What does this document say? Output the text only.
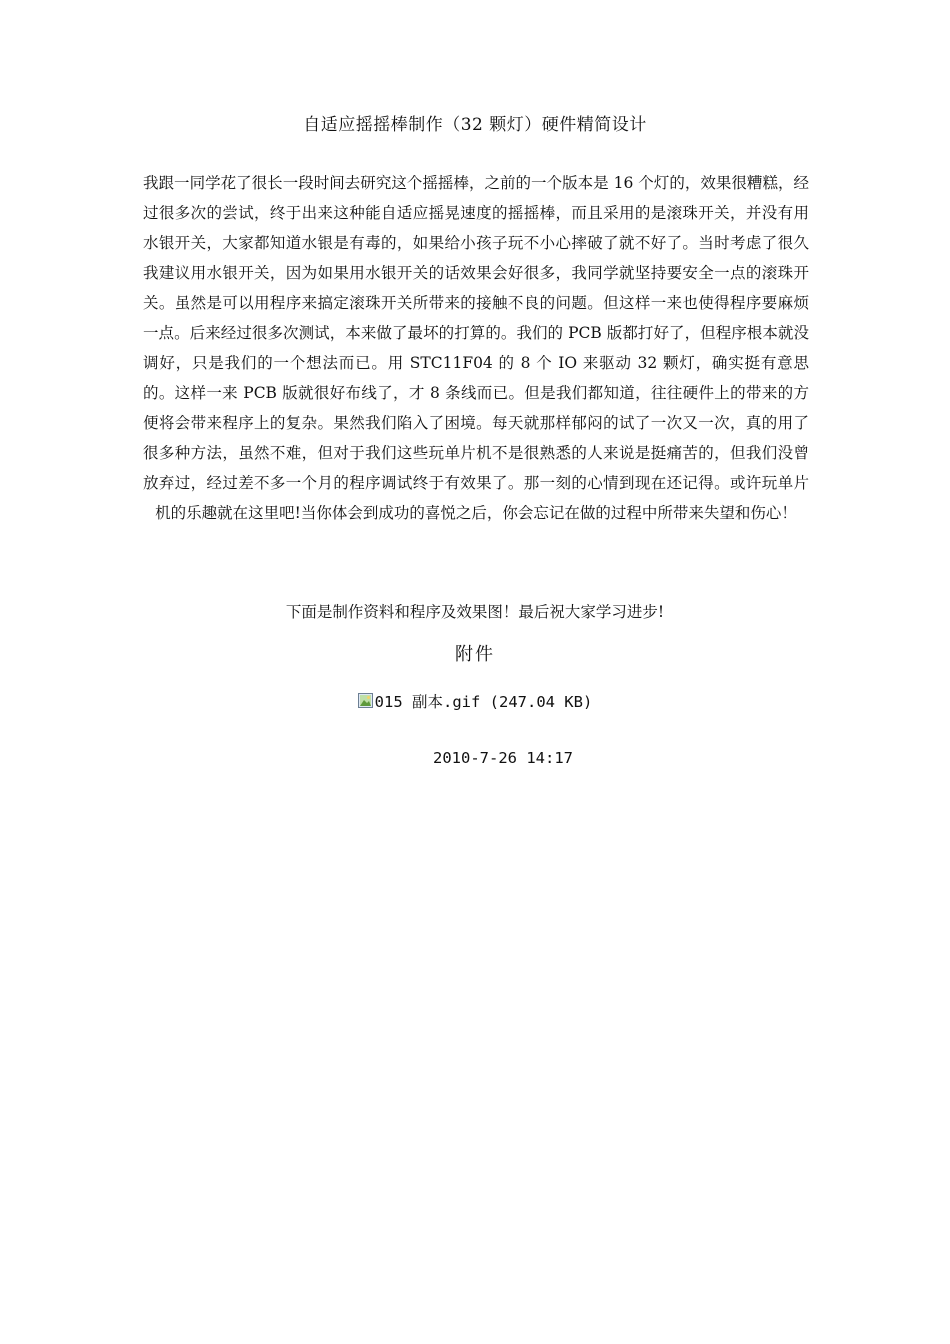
自适应摇摇棒制作（32 颗灯）硬件精简设计

我跟一同学花了很长一段时间去研究这个摇摇棒，之前的一个版本是 16 个灯的，效果很糟糕，经过很多次的尝试，终于出来这种能自适应摇晃速度的摇摇棒，而且采用的是滚珠开关，并没有用水银开关，大家都知道水银是有毒的，如果给小孩子玩不小心摔破了就不好了。当时考虑了很久我建议用水银开关，因为如果用水银开关的话效果会好很多，我同学就坚持要安全一点的滚珠开关。虽然是可以用程序来搞定滚珠开关所带来的接触不良的问题。但这样一来也使得程序要麻烦一点。后来经过很多次测试，本来做了最坏的打算的。我们的 PCB 版都打好了，但程序根本就没调好，只是我们的一个想法而已。用 STC11F04 的 8 个 IO 来驱动 32 颗灯，确实挺有意思的。这样一来 PCB 版就很好布线了，才 8 条线而已。但是我们都知道，往往硬件上的带来的方便将会带来程序上的复杂。果然我们陷入了困境。每天就那样郁闷的试了一次又一次，真的用了很多种方法，虽然不难，但对于我们这些玩单片机不是很熟悉的人来说是挺痛苦的，但我们没曾放弃过，经过差不多一个月的程序调试终于有效果了。那一刻的心情到现在还记得。或许玩单片机的乐趣就在这里吧!当你体会到成功的喜悦之后，你会忘记在做的过程中所带来失望和伤心！

下面是制作资料和程序及效果图！最后祝大家学习进步!
附件
015 副本.gif (247.04 KB)
2010-7-26 14:17
